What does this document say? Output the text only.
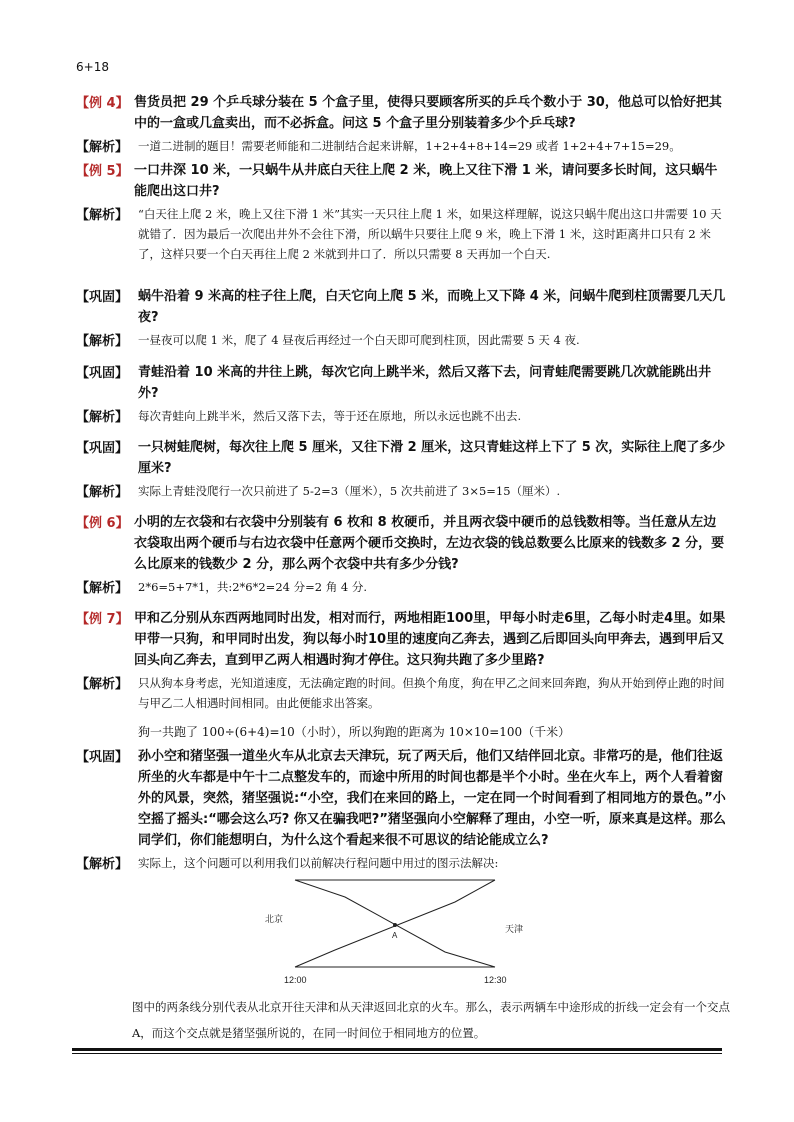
6+18
【例 4】 售货员把 29 个乒乓球分装在 5 个盒子里，使得只要顾客所买的乒乓个数小于 30，他总可以恰好把其中的一盒或几盒卖出，而不必拆盒。问这 5 个盒子里分别装着多少个乒乓球?
【解析】 一道二进制的题目！需要老师能和二进制结合起来讲解，1+2+4+8+14=29 或者 1+2+4+7+15=29。
【例 5】 一口井深 10 米，一只蜗牛从井底白天往上爬 2 米，晚上又往下滑 1 米，请问要多长时间，这只蜗牛能爬出这口井?
【解析】 “白天往上爬 2 米，晚上又往下滑 1 米”其实一天只往上爬 1 米，如果这样理解，说这只蜗牛爬出这口井需要 10 天就错了．因为最后一次爬出井外不会往下滑，所以蜗牛只要往上爬 9 米，晚上下滑 1 米，这时距离井口只有 2 米了，这样只要一个白天再往上爬 2 米就到井口了．所以只需要 8 天再加一个白天.
【巩固】 蜗牛沿着 9 米高的柱子往上爬，白天它向上爬 5 米，而晚上又下降 4 米，问蜗牛爬到柱顶需要几天几夜?
【解析】 一昼夜可以爬 1 米，爬了 4 昼夜后再经过一个白天即可爬到柱顶，因此需要 5 天 4 夜.
【巩固】 青蛙沿着 10 米高的井往上跳，每次它向上跳半米，然后又落下去，问青蛙爬需要跳几次就能跳出井外?
【解析】 每次青蛙向上跳半米，然后又落下去，等于还在原地，所以永远也跳不出去.
【巩固】 一只树蛙爬树，每次往上爬 5 厘米，又往下滑 2 厘米，这只青蛙这样上下了 5 次，实际往上爬了多少厘米?
【解析】 实际上青蛙没爬行一次只前进了 5-2=3（厘米），5 次共前进了 3×5=15（厘米）.
【例 6】 小明的左衣袋和右衣袋中分别装有 6 枚和 8 枚硬币，并且两衣袋中硬币的总钱数相等。当任意从左边衣袋取出两个硬币与右边衣袋中任意两个硬币交换时，左边衣袋的钱总数要么比原来的钱数多 2 分，要么比原来的钱数少 2 分，那么两个衣袋中共有多少分钱?
【解析】 2*6=5+7*1，共:2*6*2=24 分=2 角 4 分.
【例 7】 甲和乙分别从东西两地同时出发，相对而行，两地相距100里，甲每小时走6里，乙每小时走4里。如果甲带一只狗，和甲同时出发，狗以每小时10里的速度向乙奔去，遇到乙后即回头向甲奔去，遇到甲后又回头向乙奔去，直到甲乙两人相遇时狗才停住。这只狗共跑了多少里路?
【解析】 只从狗本身考虑，光知道速度，无法确定跑的时间。但换个角度，狗在甲乙之间来回奔跑，狗从开始到停止跑的时间与甲乙二人相遇时间相同。由此便能求出答案。
狗一共跑了 100÷(6+4)=10（小时），所以狗跑的距离为 10×10=100（千米）
【巩固】 孙小空和猪坚强一道坐火车从北京去天津玩，玩了两天后，他们又结伴回北京。非常巧的是，他们往返所坐的火车都是中午十二点整发车的，而途中所用的时间也都是半个小时。坐在火车上，两个人看着窗外的风景，突然，猪坚强说:“小空，我们在来回的路上，一定在同一个时间看到了相同地方的景色。”小空摇了摇头:“哪会这么巧? 你又在骗我吧?”猪坚强向小空解释了理由，小空一听，原来真是这样。那么同学们，你们能想明白，为什么这个看起来很不可思议的结论能成立么?
【解析】 实际上，这个问题可以利用我们以前解决行程问题中用过的图示法解决:
北京
天津
A
12:00	12:30
图中的两条线分别代表从北京开往天津和从天津返回北京的火车。那么，表示两辆车中途形成的折线一定会有一个交点A，而这个交点就是猪坚强所说的，在同一时间位于相同地方的位置。
